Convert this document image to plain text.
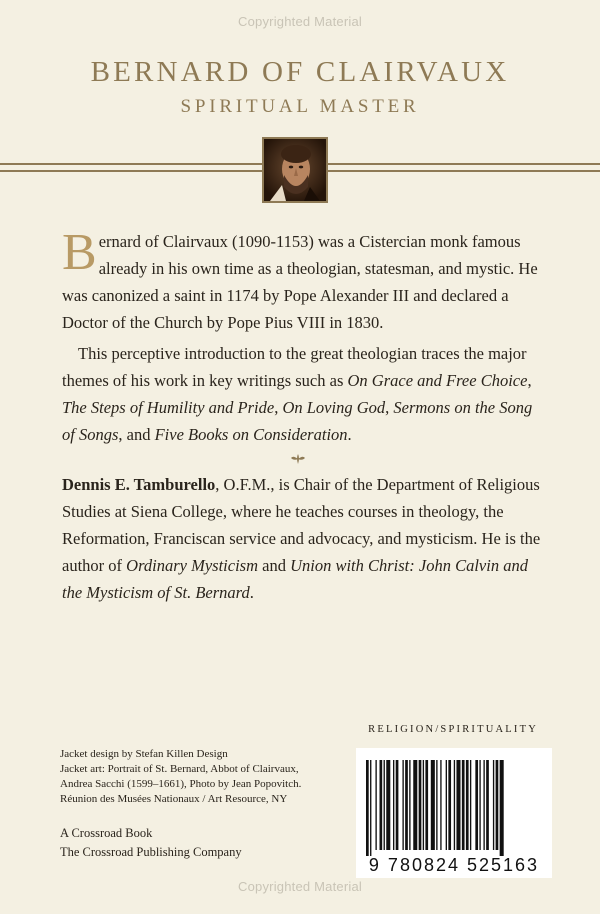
Copyrighted Material
BERNARD OF CLAIRVAUX
SPIRITUAL MASTER

Bernard of Clairvaux (1090-1153) was a Cistercian monk famous already in his own time as a theologian, statesman, and mystic. He was canonized a saint in 1174 by Pope Alexander III and declared a Doctor of the Church by Pope Pius VIII in 1830.

This perceptive introduction to the great theologian traces the major themes of his work in key writings such as On Grace and Free Choice, The Steps of Humility and Pride, On Loving God, Sermons on the Song of Songs, and Five Books on Consideration.

Dennis E. Tamburello, O.F.M., is Chair of the Department of Religious Studies at Siena College, where he teaches courses in theology, the Reformation, Franciscan service and advocacy, and mysticism. He is the author of Ordinary Mysticism and Union with Christ: John Calvin and the Mysticism of St. Bernard.

RELIGION/SPIRITUALITY
Jacket design by Stefan Killen Design
Jacket art: Portrait of St. Bernard, Abbot of Clairvaux,
Andrea Sacchi (1599–1661), Photo by Jean Popovitch.
Réunion des Musées Nationaux / Art Resource, NY
A Crossroad Book
The Crossroad Publishing Company
9 780824 525163
Copyrighted Material
